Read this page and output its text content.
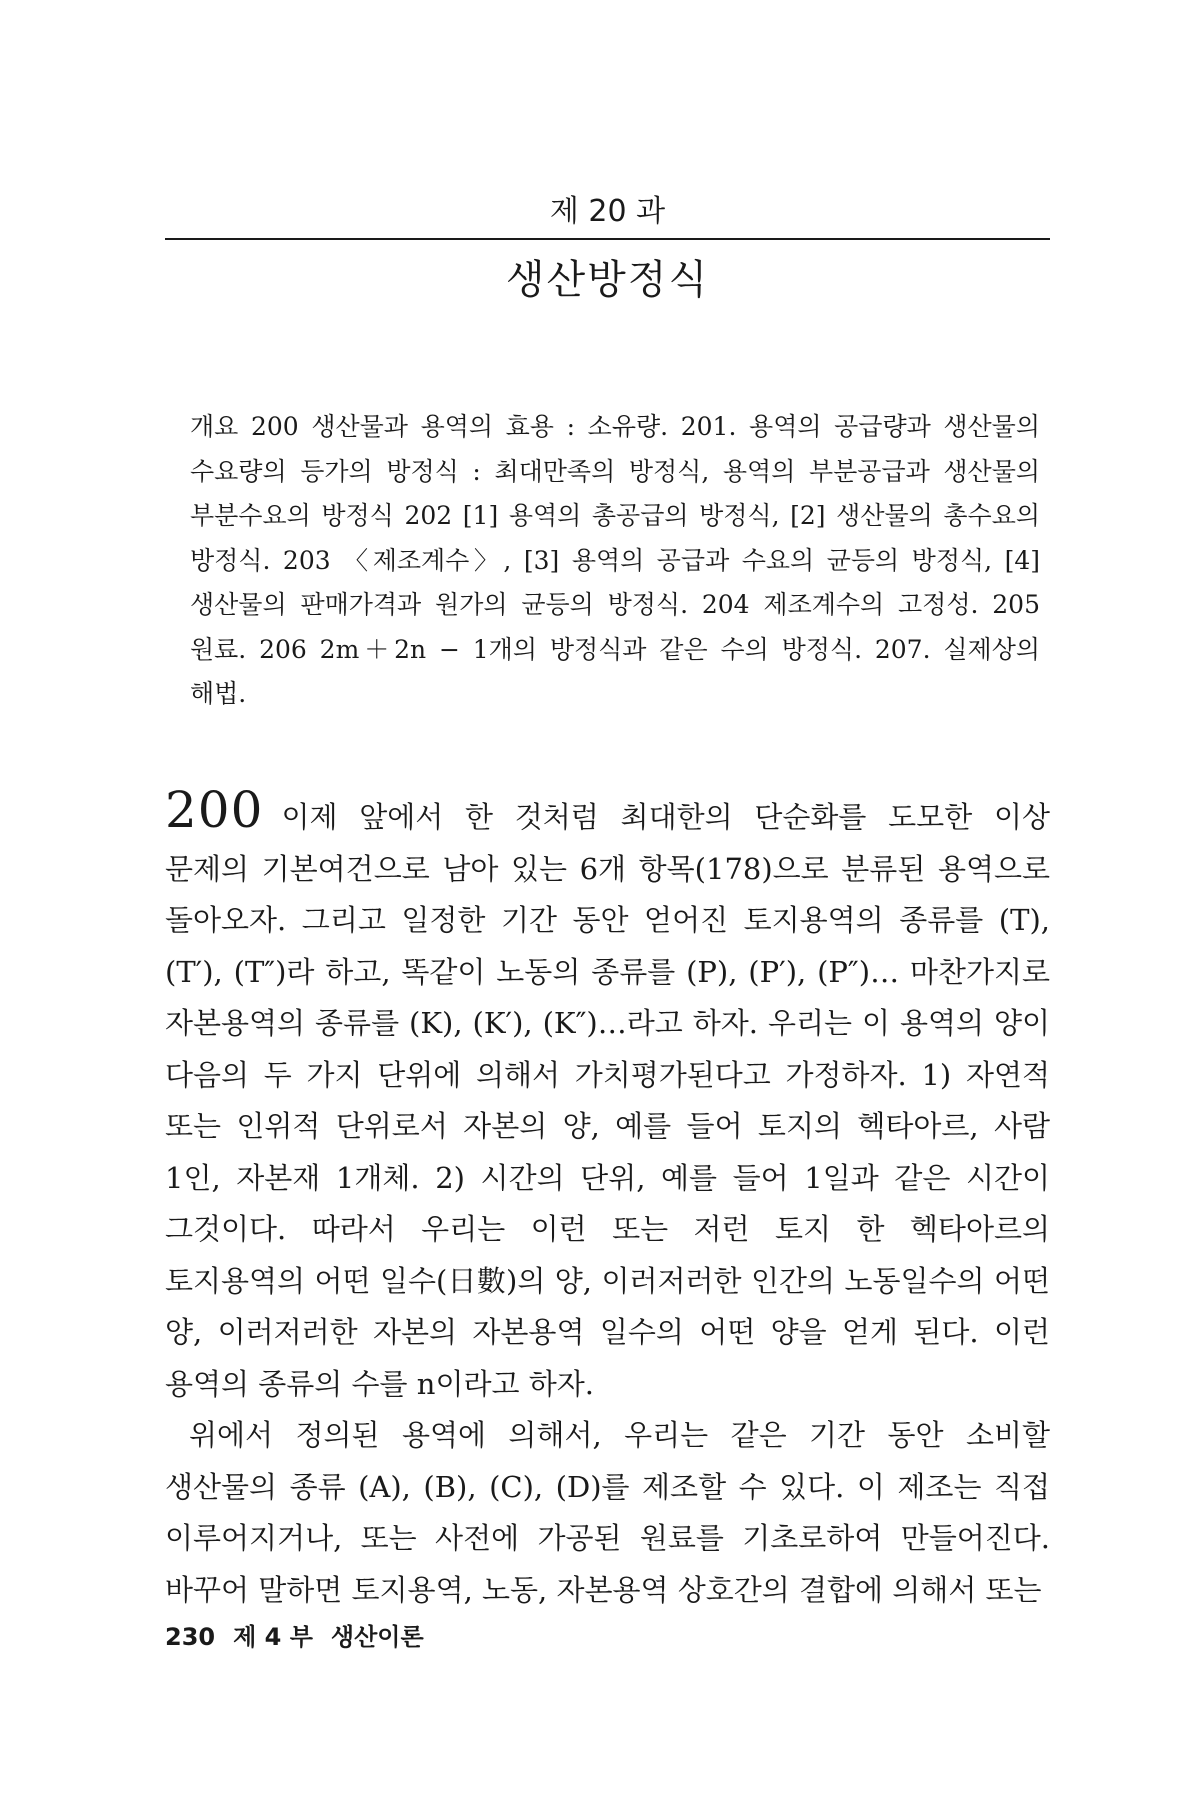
제 20 과
생산방정식

개요 200 생산물과 용역의 효용 : 소유량. 201. 용역의 공급량과 생산물의 수요량의 등가의 방정식 : 최대만족의 방정식, 용역의 부분공급과 생산물의 부분수요의 방정식 202 [1] 용역의 총공급의 방정식, [2] 생산물의 총수요의 방정식. 203 〈제조계수〉, [3] 용역의 공급과 수요의 균등의 방정식, [4] 생산물의 판매가격과 원가의 균등의 방정식. 204 제조계수의 고정성. 205 원료. 206 2m＋2n − 1개의 방정식과 같은 수의 방정식. 207. 실제상의 해법.

200 이제 앞에서 한 것처럼 최대한의 단순화를 도모한 이상 문제의 기본여건으로 남아 있는 6개 항목(178)으로 분류된 용역으로 돌아오자. 그리고 일정한 기간 동안 얻어진 토지용역의 종류를 (T), (T′), (T″)라 하고, 똑같이 노동의 종류를 (P), (P′), (P″)… 마찬가지로 자본용역의 종류를 (K), (K′), (K″)…라고 하자. 우리는 이 용역의 양이 다음의 두 가지 단위에 의해서 가치평가된다고 가정하자. 1) 자연적 또는 인위적 단위로서 자본의 양, 예를 들어 토지의 헥타아르, 사람 1인, 자본재 1개체. 2) 시간의 단위, 예를 들어 1일과 같은 시간이 그것이다. 따라서 우리는 이런 또는 저런 토지 한 헥타아르의 토지용역의 어떤 일수(日數)의 양, 이러저러한 인간의 노동일수의 어떤 양, 이러저러한 자본의 자본용역 일수의 어떤 양을 얻게 된다. 이런 용역의 종류의 수를 n이라고 하자.

위에서 정의된 용역에 의해서, 우리는 같은 기간 동안 소비할 생산물의 종류 (A), (B), (C), (D)를 제조할 수 있다. 이 제조는 직접 이루어지거나, 또는 사전에 가공된 원료를 기초로하여 만들어진다. 바꾸어 말하면 토지용역, 노동, 자본용역 상호간의 결합에 의해서 또는

230 제 4 부 생산이론
